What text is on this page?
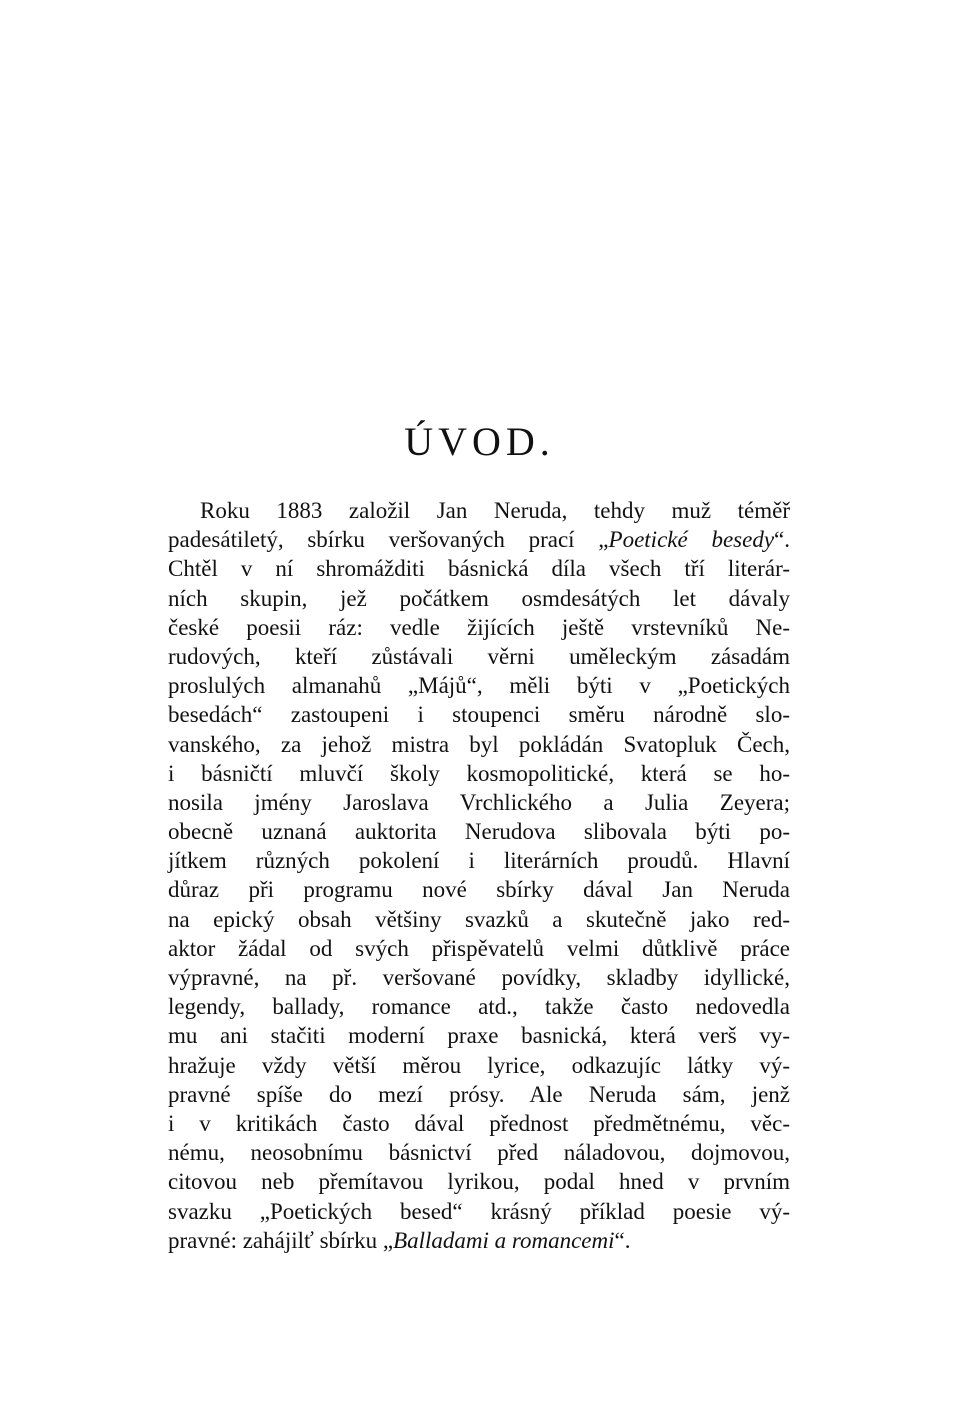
ÚVOD.
Roku 1883 založil Jan Neruda, tehdy muž téměř
padesátiletý, sbírku veršovaných prací „Poetické besedy“.
Chtěl v ní shromážditi básnická díla všech tří literár-
ních skupin, jež počátkem osmdesátých let dávaly
české poesii ráz: vedle žijících ještě vrstevníků Ne-
rudových, kteří zůstávali věrni uměleckým zásadám
proslulých almanahů „Májů“, měli býti v „Poetických
besedách“ zastoupeni i stoupenci směru národně slo-
vanského, za jehož mistra byl pokládán Svatopluk Čech,
i básničtí mluvčí školy kosmopolitické, která se ho-
nosila jmény Jaroslava Vrchlického a Julia Zeyera;
obecně uznaná auktorita Nerudova slibovala býti po-
jítkem různých pokolení i literárních proudů. Hlavní
důraz při programu nové sbírky dával Jan Neruda
na epický obsah většiny svazků a skutečně jako red-
aktor žádal od svých přispěvatelů velmi důtklivě práce
výpravné, na př. veršované povídky, skladby idyllické,
legendy, ballady, romance atd., takže často nedovedla
mu ani stačiti moderní praxe basnická, která verš vy-
hražuje vždy větší měrou lyrice, odkazujíc látky vý-
pravné spíše do mezí prósy. Ale Neruda sám, jenž
i v kritikách často dával přednost předmětnému, věc-
nému, neosobnímu básnictví před náladovou, dojmovou,
citovou neb přemítavou lyrikou, podal hned v prvním
svazku „Poetických besed“ krásný příklad poesie vý-
pravné: zahájilť sbírku „Balladami a romancemi“.
